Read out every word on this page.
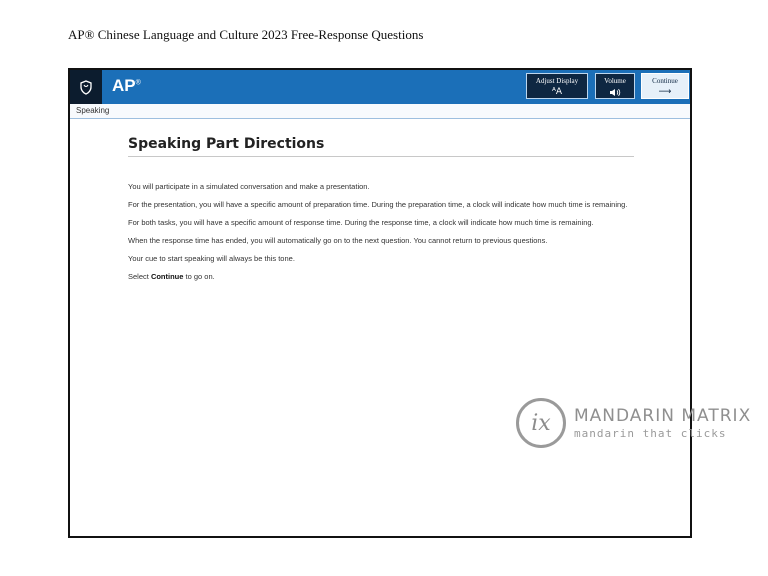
AP® Chinese Language and Culture 2023 Free-Response Questions
AP®	Adjust Display
ᴬA
Volume	Continue
⟶
Speaking
Speaking Part Directions

You will participate in a simulated conversation and make a presentation.

For the presentation, you will have a specific amount of preparation time. During the preparation time, a clock will indicate how much time is remaining.

For both tasks, you will have a specific amount of response time. During the response time, a clock will indicate how much time is remaining.

When the response time has ended, you will automatically go on to the next question. You cannot return to previous questions.

Your cue to start speaking will always be this tone.

Select Continue to go on.

ix	MANDARIN MATRIX
mandarin that clicks
